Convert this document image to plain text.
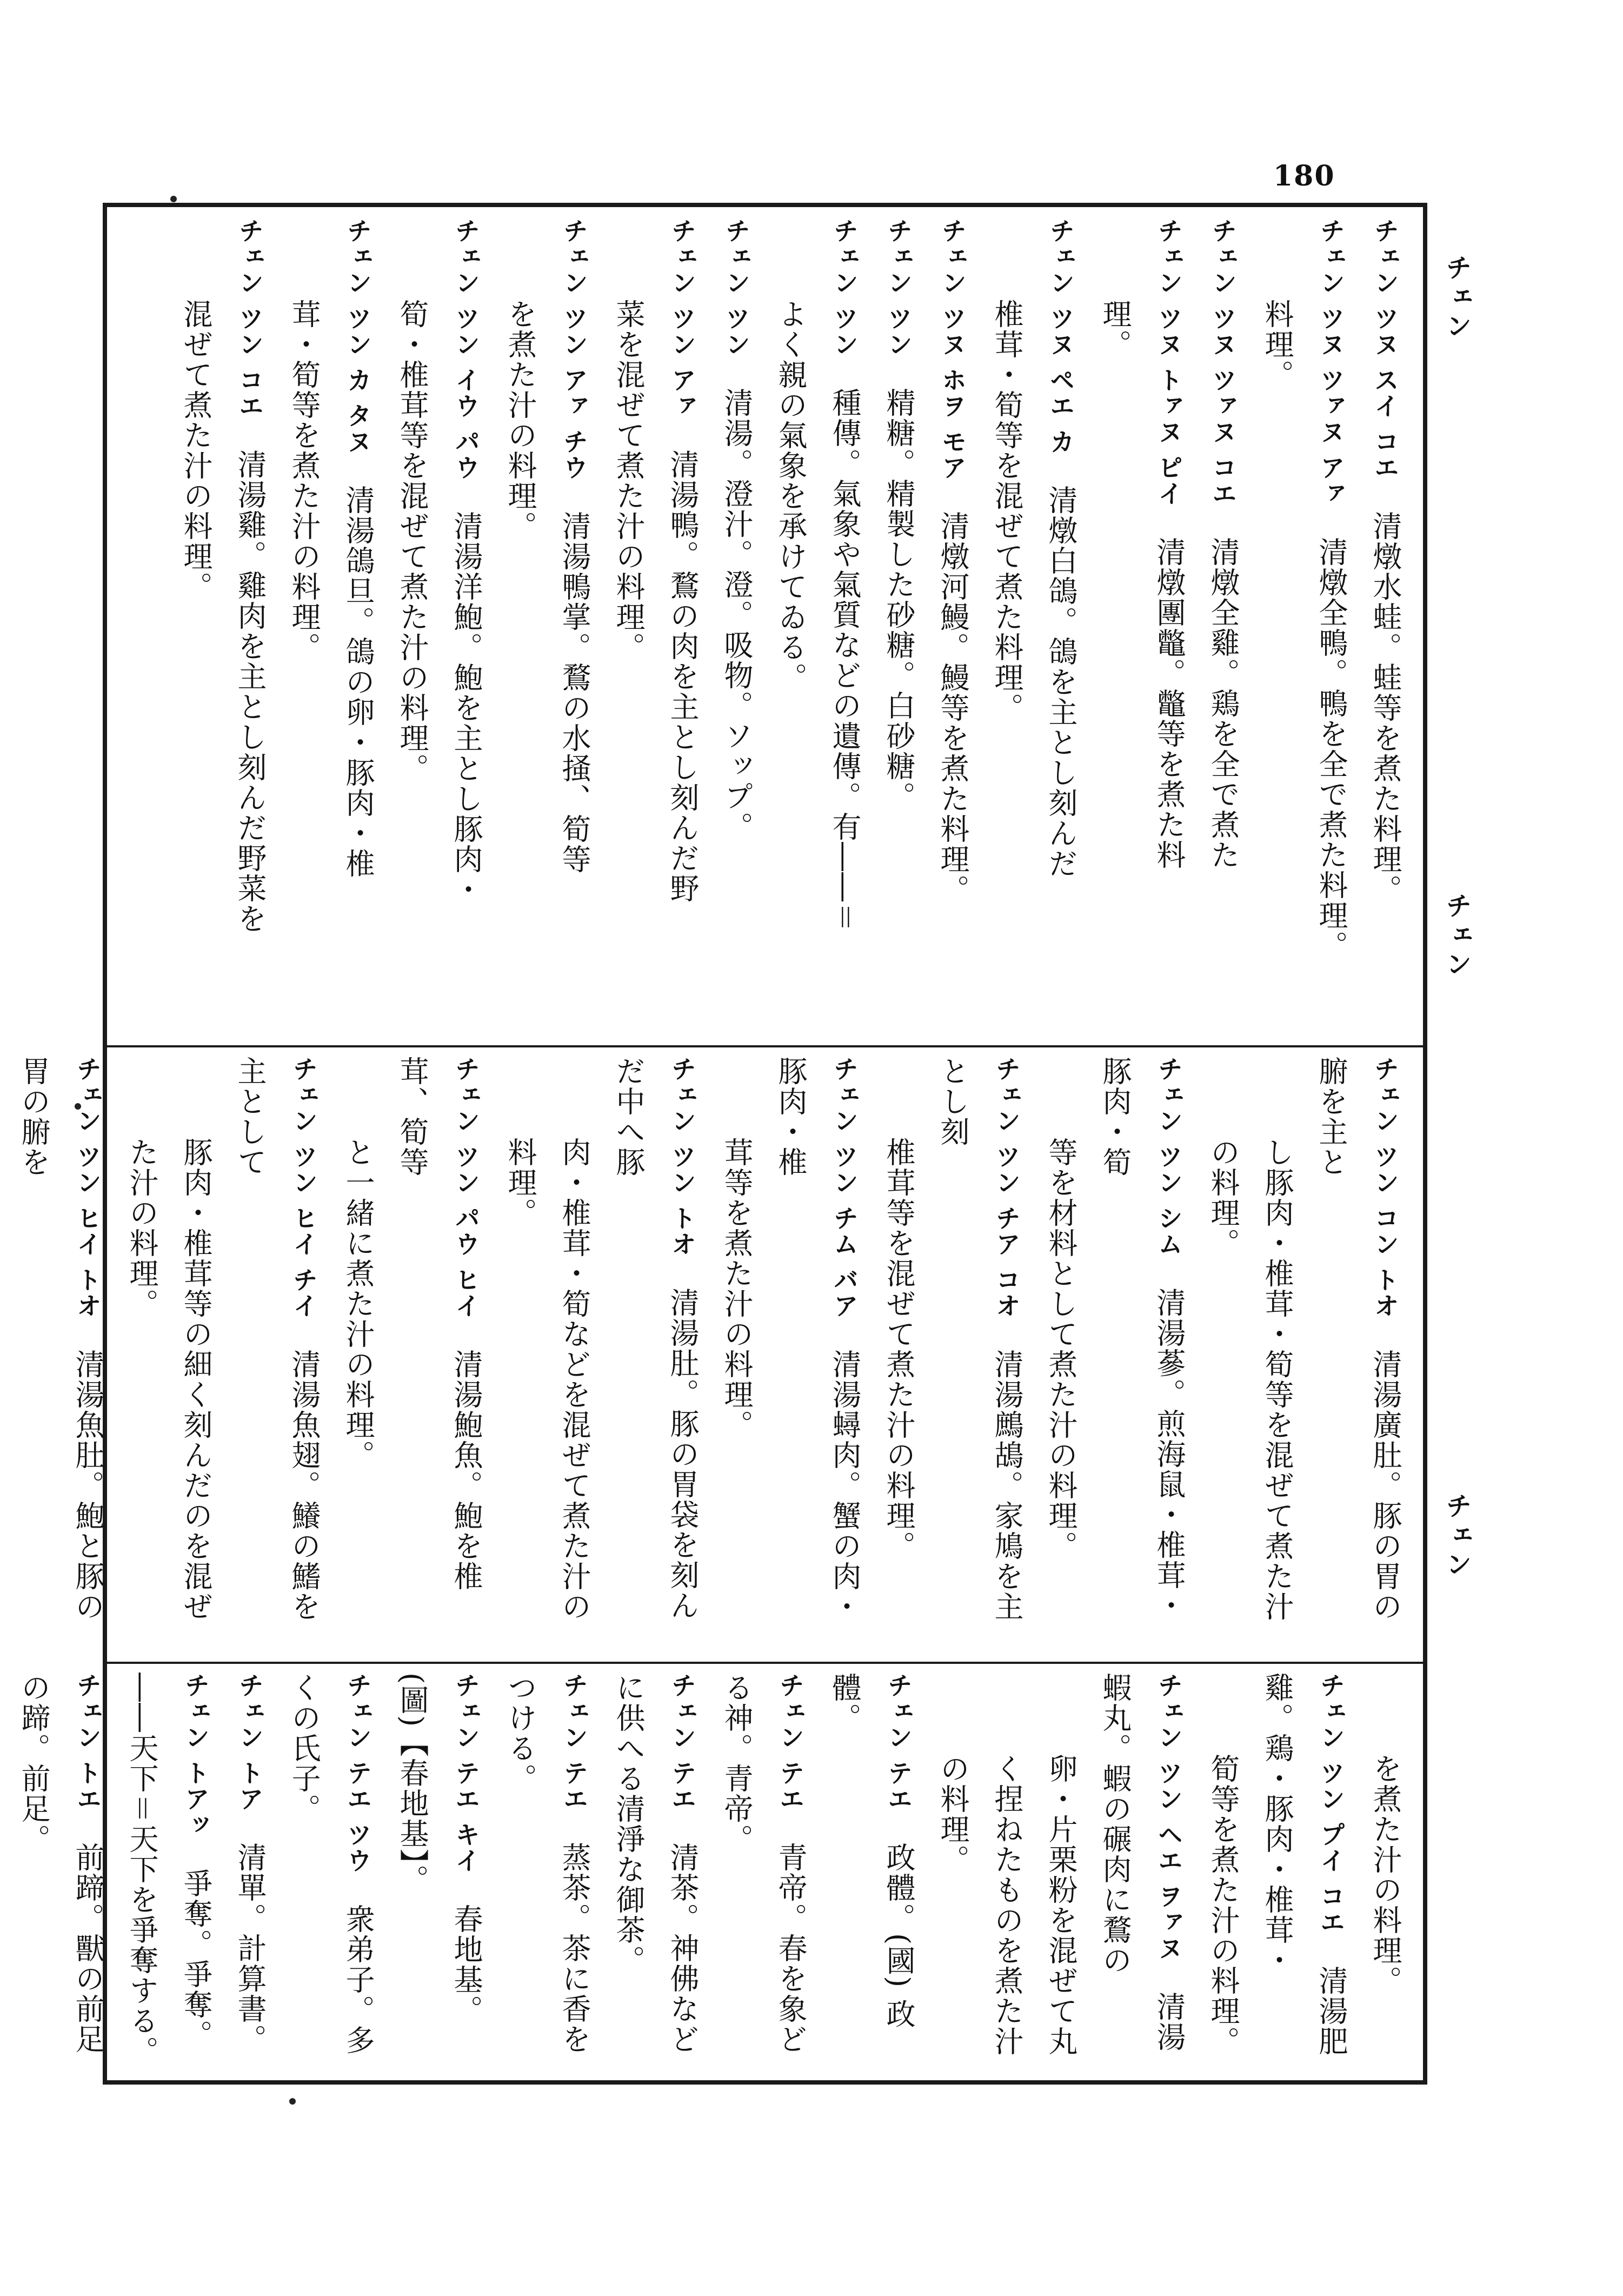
180
チェン
チェン
チェン
チェン ツヌ スイ コエ　清燉水蛙。蛙等を煮た料理。
チェン ツヌ ツァヌ アァ　清燉全鴨。鴨を全で煮た料理。
料理。
チェン ツヌ ツァヌ コエ　清燉全雞。鶏を全で煮た
チェン ツヌ トァヌ ピイ　清燉團鼈。鼈等を煮た料
理。
チェン ツヌ ペエ カ　清燉白鴿。鴿を主とし刻んだ
椎茸・筍等を混ぜて煮た料理。
チェン ツヌ ホヲ モア　清燉河鰻。鰻等を煮た料理。
チェン ツン　精糖。精製した砂糖。白砂糖。
チェン ツン　種傳。氣象や氣質などの遺傳。有――＝
よく親の氣象を承けてゐる。
チェン ツン　清湯。澄汁。澄。吸物。ソップ。
チェン ツン アァ　清湯鴨。鶩の肉を主とし刻んだ野
菜を混ぜて煮た汁の料理。
チェン ツン アァ チウ　清湯鴨掌。鶩の水掻、筍等
を煮た汁の料理。
チェン ツン イウ パウ　清湯洋鮑。鮑を主とし豚肉・
筍・椎茸等を混ぜて煮た汁の料理。
チェン ツン カ タヌ　清湯鴿旦。鴿の卵・豚肉・椎
茸・筍等を煮た汁の料理。
チェン ツン コエ　清湯雞。雞肉を主とし刻んだ野菜を
混ぜて煮た汁の料理。
チェン ツン コン トオ　清湯廣肚。豚の胃の腑を主と
し豚肉・椎茸・筍等を混ぜて煮た汁の料理。
チェン ツン シム　清湯蔘。煎海鼠・椎茸・豚肉・筍
等を材料として煮た汁の料理。
チェン ツン チア コオ　清湯鷓鴣。家鳩を主とし刻
椎茸等を混ぜて煮た汁の料理。
チェン ツン チム バア　清湯蟳肉。蟹の肉・豚肉・椎
茸等を煮た汁の料理。
チェン ツン トオ　清湯肚。豚の胃袋を刻んだ中へ豚
肉・椎茸・筍などを混ぜて煮た汁の料理。
チェン ツン パウ ヒイ　清湯鮑魚。鮑を椎茸、筍等
と一緒に煮た汁の料理。
チェン ツン ヒイ チイ　清湯魚翅。鱶の鰭を主として
豚肉・椎茸等の細く刻んだのを混ぜた汁の料理。
チェン ツン ヒイ トオ　清湯魚肚。鮑と豚の胃の腑を

を煮た汁の料理。
チェン ツン プイ コエ　清湯肥雞。鶏・豚肉・椎茸・
筍等を煮た汁の料理。
チェン ツン ヘエ ヲァヌ　清湯蝦丸。蝦の碾肉に鶩の
卵・片栗粉を混ぜて丸く捏ねたものを煮た汁の料理。
チェン テエ　政體。(國) 政體。
チェン テエ　青帝。春を象どる神。青帝。
チェン テエ　清茶。神佛などに供へる清淨な御茶。
チェン テエ　蒸茶。茶に香をつける。
チェン テエ キイ　春地基。(圖)【春地基】。
チェン テエ ツウ　衆弟子。多くの氏子。
チェン トア　清單。計算書。
チェン トアッ　爭奪。爭奪。――天下＝天下を爭奪する。
チェン トエ　前蹄。獸の前足の蹄。前足。
